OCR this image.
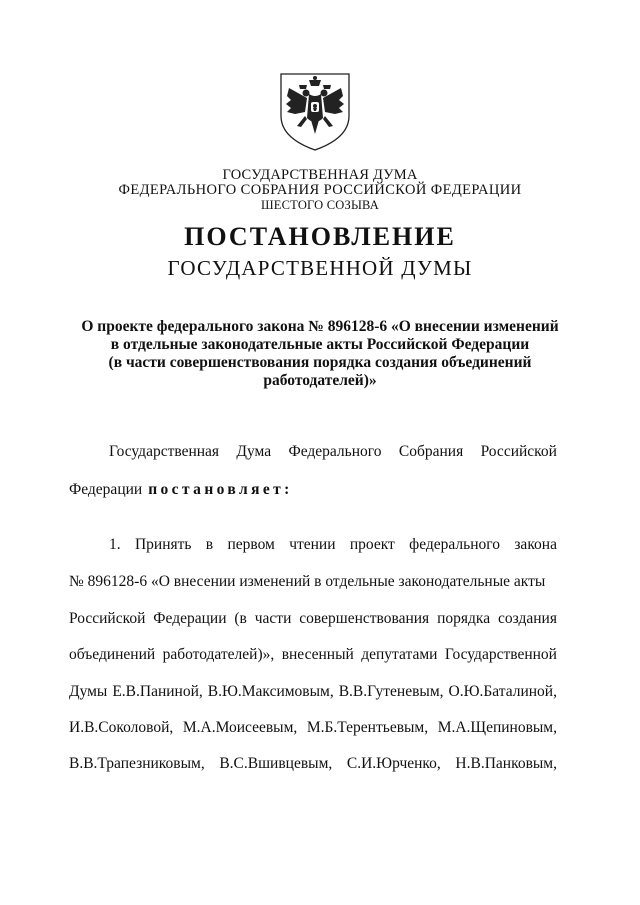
ГОСУДАРСТВЕННАЯ ДУМА
ФЕДЕРАЛЬНОГО СОБРАНИЯ РОССИЙСКОЙ ФЕДЕРАЦИИ
ШЕСТОГО СОЗЫВА
ПОСТАНОВЛЕНИЕ
ГОСУДАРСТВЕННОЙ ДУМЫ
О проекте федерального закона № 896128-6 «О внесении изменений
в отдельные законодательные акты Российской Федерации
(в части совершенствования порядка создания объединений
работодателей)»
Государственная Дума Федерального Собрания Российской
Федерации постановляет:
1. Принять в первом чтении проект федерального закона
№ 896128-6 «О внесении изменений в отдельные законодательные акты
Российской Федерации (в части совершенствования порядка создания
объединений работодателей)», внесенный депутатами Государственной
Думы Е.В.Паниной, В.Ю.Максимовым, В.В.Гутеневым, О.Ю.Баталиной,
И.В.Соколовой, М.А.Моисеевым, М.Б.Терентьевым, М.А.Щепиновым,
В.В.Трапезниковым, В.С.Вшивцевым, С.И.Юрченко, Н.В.Панковым,
